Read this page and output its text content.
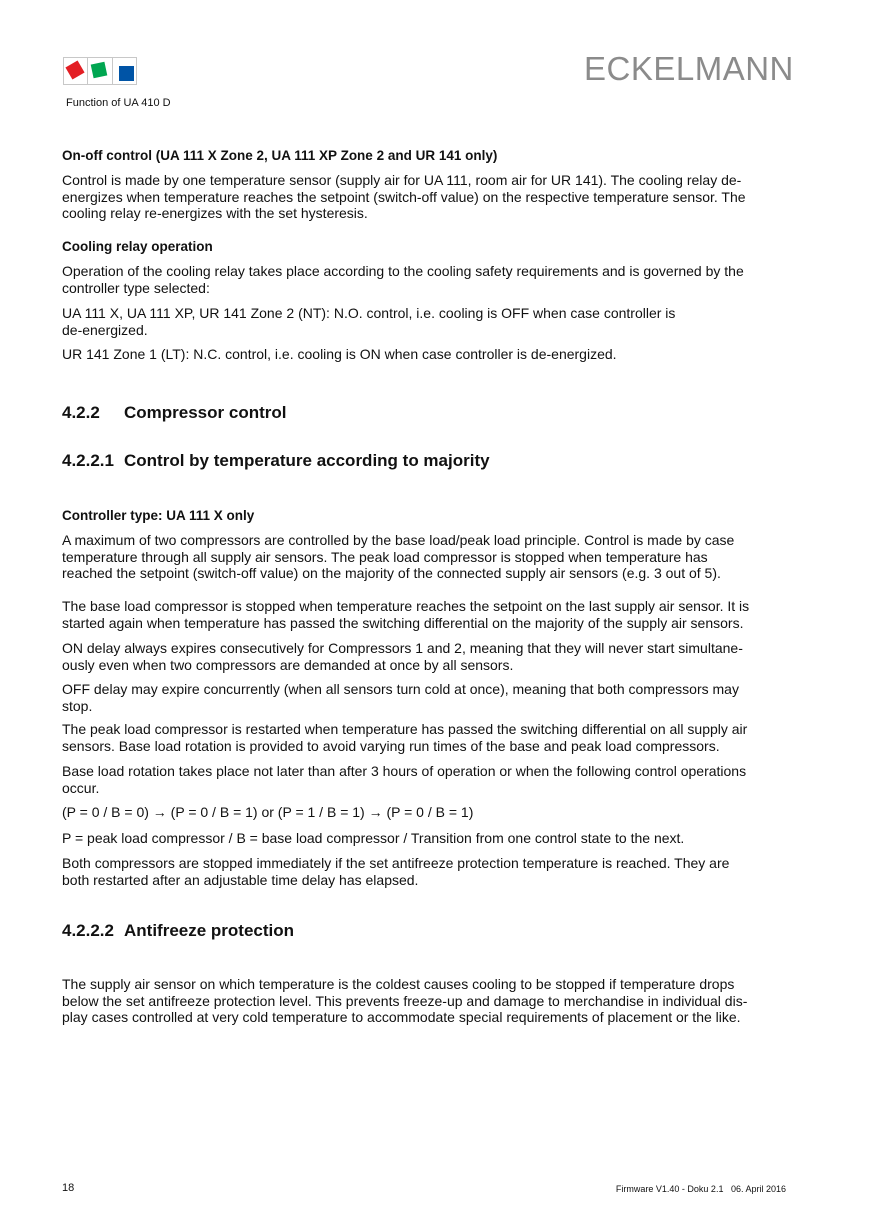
ECKELMANN
Function of UA 410 D
On-off control (UA 111 X Zone 2, UA 111 XP Zone 2 and UR 141 only)
Control is made by one temperature sensor (supply air for UA 111, room air for UR 141). The cooling relay de-
energizes when temperature reaches the setpoint (switch-off value) on the respective temperature sensor. The
cooling relay re-energizes with the set hysteresis.
Cooling relay operation
Operation of the cooling relay takes place according to the cooling safety requirements and is governed by the
controller type selected:
UA 111 X, UA 111 XP, UR 141 Zone 2 (NT): N.O. control, i.e. cooling is OFF when case controller is
de-energized.
UR 141 Zone 1 (LT): N.C. control, i.e. cooling is ON when case controller is de-energized.
4.2.2 Compressor control
4.2.2.1 Control by temperature according to majority
Controller type: UA 111 X only
A maximum of two compressors are controlled by the base load/peak load principle. Control is made by case
temperature through all supply air sensors. The peak load compressor is stopped when temperature has
reached the setpoint (switch-off value) on the majority of the connected supply air sensors (e.g. 3 out of 5).
The base load compressor is stopped when temperature reaches the setpoint on the last supply air sensor. It is
started again when temperature has passed the switching differential on the majority of the supply air sensors.
ON delay always expires consecutively for Compressors 1 and 2, meaning that they will never start simultane-
ously even when two compressors are demanded at once by all sensors.
OFF delay may expire concurrently (when all sensors turn cold at once), meaning that both compressors may
stop.
The peak load compressor is restarted when temperature has passed the switching differential on all supply air
sensors. Base load rotation is provided to avoid varying run times of the base and peak load compressors.
Base load rotation takes place not later than after 3 hours of operation or when the following control operations
occur.
(P = 0 / B = 0) → (P = 0 / B = 1) or (P = 1 / B = 1) → (P = 0 / B = 1)
P = peak load compressor / B = base load compressor / Transition from one control state to the next.
Both compressors are stopped immediately if the set antifreeze protection temperature is reached. They are
both restarted after an adjustable time delay has elapsed.
4.2.2.2 Antifreeze protection
The supply air sensor on which temperature is the coldest causes cooling to be stopped if temperature drops
below the set antifreeze protection level. This prevents freeze-up and damage to merchandise in individual dis-
play cases controlled at very cold temperature to accommodate special requirements of placement or the like.
18	Firmware V1.40 - Doku 2.1   06. April 2016
